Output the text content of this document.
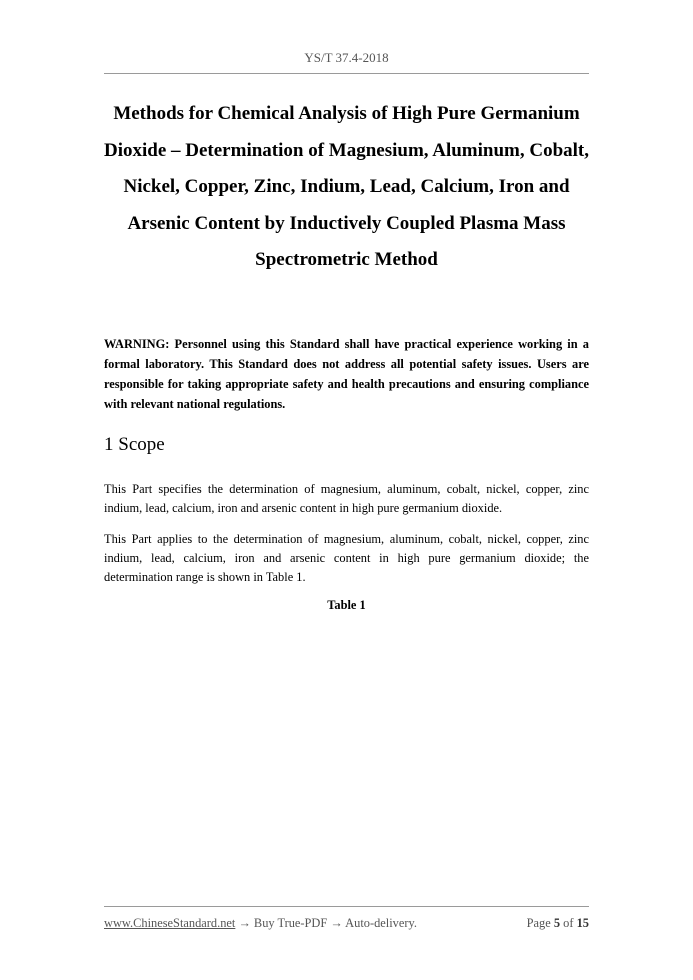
YS/T 37.4-2018
Methods for Chemical Analysis of High Pure Germanium
Dioxide – Determination of Magnesium, Aluminum, Cobalt,
Nickel, Copper, Zinc, Indium, Lead, Calcium, Iron and
Arsenic Content by Inductively Coupled Plasma Mass
Spectrometric Method
WARNING: Personnel using this Standard shall have practical experience working in a formal laboratory. This Standard does not address all potential safety issues. Users are responsible for taking appropriate safety and health precautions and ensuring compliance with relevant national regulations.
1 Scope
This Part specifies the determination of magnesium, aluminum, cobalt, nickel, copper, zinc indium, lead, calcium, iron and arsenic content in high pure germanium dioxide.
This Part applies to the determination of magnesium, aluminum, cobalt, nickel, copper, zinc indium, lead, calcium, iron and arsenic content in high pure germanium dioxide; the determination range is shown in Table 1.
Table 1
www.ChineseStandard.net → Buy True-PDF → Auto-delivery.	Page 5 of 15
